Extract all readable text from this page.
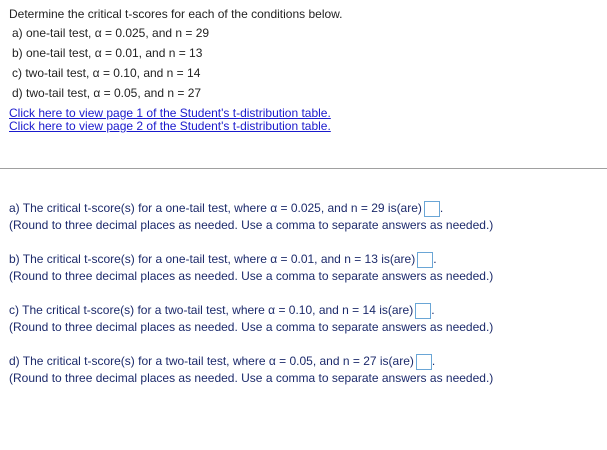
Determine the critical t-scores for each of the conditions below.
a) one-tail test, α = 0.025, and n = 29
b) one-tail test, α = 0.01, and n = 13
c) two-tail test, α = 0.10, and n = 14
d) two-tail test, α = 0.05, and n = 27
Click here to view page 1 of the Student's t-distribution table.
Click here to view page 2 of the Student's t-distribution table.
a) The critical t-score(s) for a one-tail test, where α = 0.025, and n = 29 is(are) .
(Round to three decimal places as needed. Use a comma to separate answers as needed.)
b) The critical t-score(s) for a one-tail test, where α = 0.01, and n = 13 is(are) .
(Round to three decimal places as needed. Use a comma to separate answers as needed.)
c) The critical t-score(s) for a two-tail test, where α = 0.10, and n = 14 is(are) .
(Round to three decimal places as needed. Use a comma to separate answers as needed.)
d) The critical t-score(s) for a two-tail test, where α = 0.05, and n = 27 is(are) .
(Round to three decimal places as needed. Use a comma to separate answers as needed.)
